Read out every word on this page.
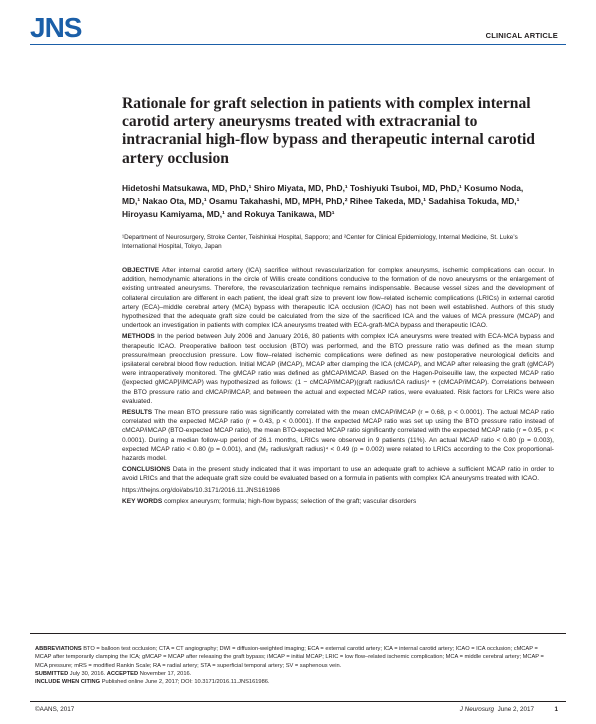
JNS	CLINICAL ARTICLE
Rationale for graft selection in patients with complex internal carotid artery aneurysms treated with extracranial to intracranial high-flow bypass and therapeutic internal carotid artery occlusion
Hidetoshi Matsukawa, MD, PhD,¹ Shiro Miyata, MD, PhD,¹ Toshiyuki Tsuboi, MD, PhD,¹ Kosumo Noda, MD,¹ Nakao Ota, MD,¹ Osamu Takahashi, MD, MPH, PhD,² Rihee Takeda, MD,¹ Sadahisa Tokuda, MD,¹ Hiroyasu Kamiyama, MD,¹ and Rokuya Tanikawa, MD¹
¹Department of Neurosurgery, Stroke Center, Teishinkai Hospital, Sapporo; and ²Center for Clinical Epidemiology, Internal Medicine, St. Luke’s International Hospital, Tokyo, Japan

OBJECTIVE After internal carotid artery (ICA) sacrifice without revascularization for complex aneurysms, ischemic complications can occur. In addition, hemodynamic alterations in the circle of Willis create conditions conducive to the formation of de novo aneurysms or the enlargement of existing untreated aneurysms. Therefore, the revascularization technique remains indispensable. Because vessel sizes and the development of collateral circulation are different in each patient, the ideal graft size to prevent low flow–related ischemic complications (LRICs) in external carotid artery (ECA)–middle cerebral artery (MCA) bypass with therapeutic ICA occlusion (ICAO) has not been well established. Authors of this study hypothesized that the adequate graft size could be calculated from the size of the sacrificed ICA and the values of MCA pressure (MCAP) and undertook an investigation in patients with complex ICA aneurysms treated with ECA-graft-MCA bypass and therapeutic ICAO.

METHODS In the period between July 2006 and January 2016, 80 patients with complex ICA aneurysms were treated with ECA-MCA bypass and therapeutic ICAO. Preoperative balloon test occlusion (BTO) was performed, and the BTO pressure ratio was defined as the mean stump pressure/mean preocclusion pressure. Low flow–related ischemic complications were defined as new postoperative neurological deficits and ipsilateral cerebral blood flow reduction. Initial MCAP (iMCAP), MCAP after clamping the ICA (cMCAP), and MCAP after releasing the graft (gMCAP) were intraoperatively monitored. The gMCAP ratio was defined as gMCAP/iMCAP. Based on the Hagen-Poiseuille law, the expected MCAP ratio ([expected gMCAP]/iMCAP) was hypothesized as follows: (1 − cMCAP/iMCAP)(graft radius/ICA radius)⁴ + (cMCAP/iMCAP). Correlations between the BTO pressure ratio and cMCAP/iMCAP, and between the actual and expected MCAP ratios, were evaluated. Risk factors for LRICs were also evaluated.

RESULTS The mean BTO pressure ratio was significantly correlated with the mean cMCAP/iMCAP (r = 0.68, p < 0.0001). The actual MCAP ratio correlated with the expected MCAP ratio (r = 0.43, p < 0.0001). If the expected MCAP ratio was set up using the BTO pressure ratio instead of cMCAP/iMCAP (BTO-expected MCAP ratio), the mean BTO-expected MCAP ratio significantly correlated with the expected MCAP ratio (r = 0.95, p < 0.0001). During a median follow-up period of 26.1 months, LRICs were observed in 9 patients (11%). An actual MCAP ratio < 0.80 (p = 0.003), expected MCAP ratio < 0.80 (p = 0.001), and (M₂ radius/graft radius)⁴ < 0.49 (p = 0.002) were related to LRICs according to the Cox proportional-hazards model.

CONCLUSIONS Data in the present study indicated that it was important to use an adequate graft to achieve a sufficient MCAP ratio in order to avoid LRICs and that the adequate graft size could be evaluated based on a formula in patients with complex ICA aneurysms treated with ICAO.

https://thejns.org/doi/abs/10.3171/2016.11.JNS161986

KEY WORDS complex aneurysm; formula; high-flow bypass; selection of the graft; vascular disorders

ABBREVIATIONS BTO = balloon test occlusion; CTA = CT angiography; DWI = diffusion-weighted imaging; ECA = external carotid artery; ICA = internal carotid artery; ICAO = ICA occlusion; cMCAP = MCAP after temporarily clamping the ICA; gMCAP = MCAP after releasing the graft bypass; iMCAP = initial MCAP; LRIC = low flow–related ischemic complication; MCA = middle cerebral artery; MCAP = MCA pressure; mRS = modified Rankin Scale; RA = radial artery; STA = superficial temporal artery; SV = saphenous vein.

SUBMITTED July 30, 2016. ACCEPTED November 17, 2016.

INCLUDE WHEN CITING Published online June 2, 2017; DOI: 10.3171/2016.11.JNS161986.

©AANS, 2017	J Neurosurg June 2, 2017	1
